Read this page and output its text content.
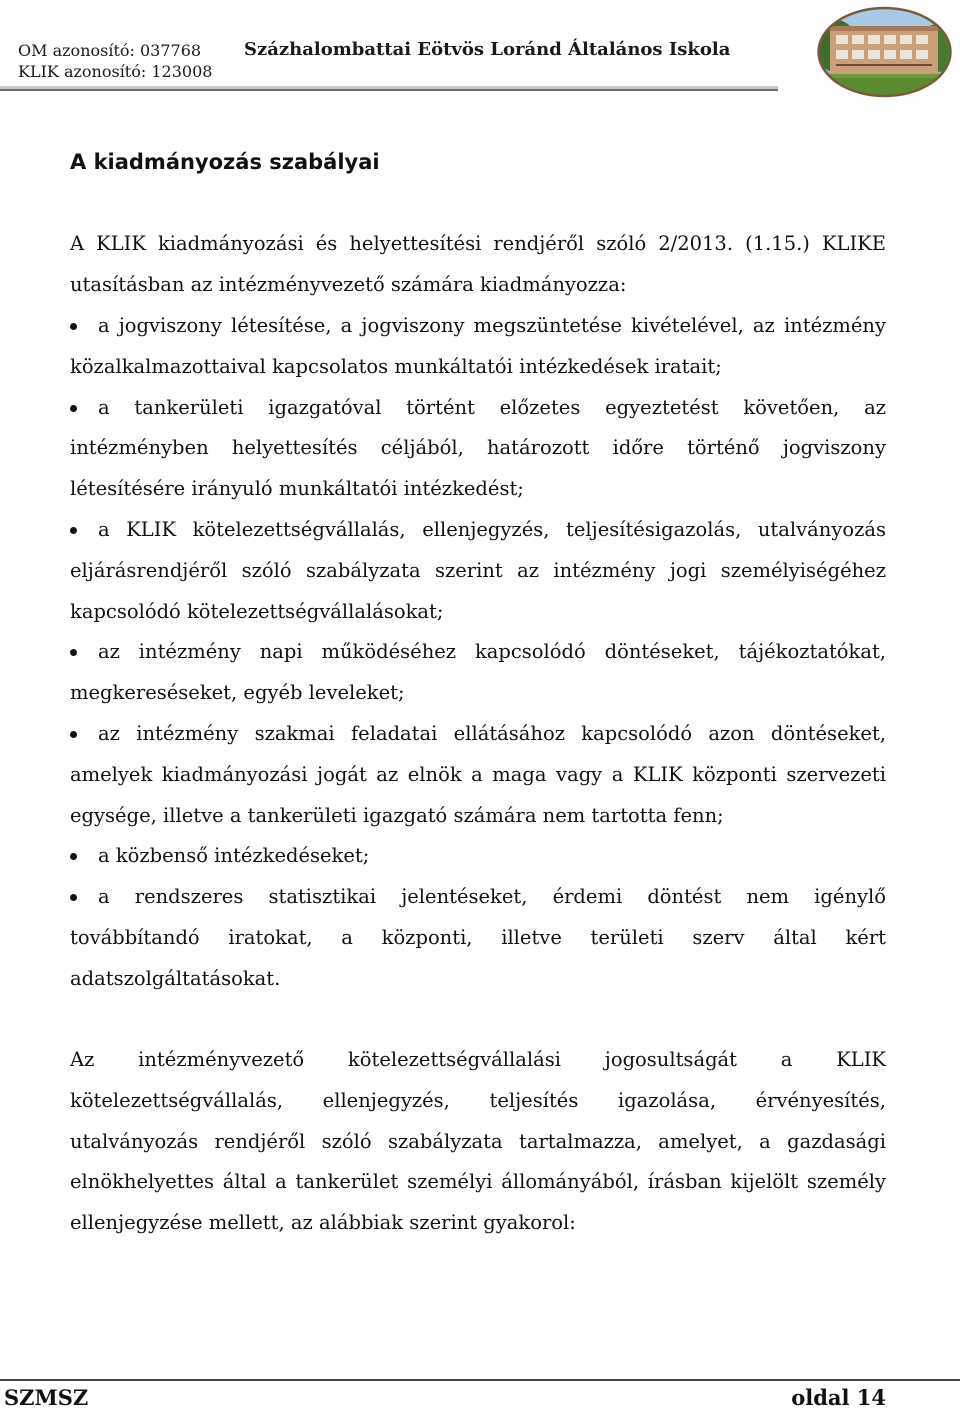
OM azonosító: 037768
KLIK azonosító: 123008
Százhalombattai Eötvös Loránd Általános Iskola
A kiadmányozás szabályai

A KLIK kiadmányozási és helyettesítési rendjéről szóló 2/2013. (1.15.) KLIKE utasításban az intézményvezető számára kiadmányozza:

a jogviszony létesítése, a jogviszony megszüntetése kivételével, az intézmény közalkalmazottaival kapcsolatos munkáltatói intézkedések iratait;
a tankerületi igazgatóval történt előzetes egyeztetést követően, az intézményben helyettesítés céljából, határozott időre történő jogviszony létesítésére irányuló munkáltatói intézkedést;
a KLIK kötelezettségvállalás, ellenjegyzés, teljesítésigazolás, utalványozás eljárásrendjéről szóló szabályzata szerint az intézmény jogi személyiségéhez kapcsolódó kötelezettségvállalásokat;
az intézmény napi működéséhez kapcsolódó döntéseket, tájékoztatókat, megkereséseket, egyéb leveleket;
az intézmény szakmai feladatai ellátásához kapcsolódó azon döntéseket, amelyek kiadmányozási jogát az elnök a maga vagy a KLIK központi szervezeti egysége, illetve a tankerületi igazgató számára nem tartotta fenn;
a közbenső intézkedéseket;
a rendszeres statisztikai jelentéseket, érdemi döntést nem igénylő továbbítandó iratokat, a központi, illetve területi szerv által kért adatszolgáltatásokat.

Az intézményvezető kötelezettségvállalási jogosultságát a KLIK kötelezettségvállalás, ellenjegyzés, teljesítés igazolása, érvényesítés, utalványozás rendjéről szóló szabályzata tartalmazza, amelyet, a gazdasági elnökhelyettes által a tankerület személyi állományából, írásban kijelölt személy ellenjegyzése mellett, az alábbiak szerint gyakorol:

SZMSZ	oldal 14
